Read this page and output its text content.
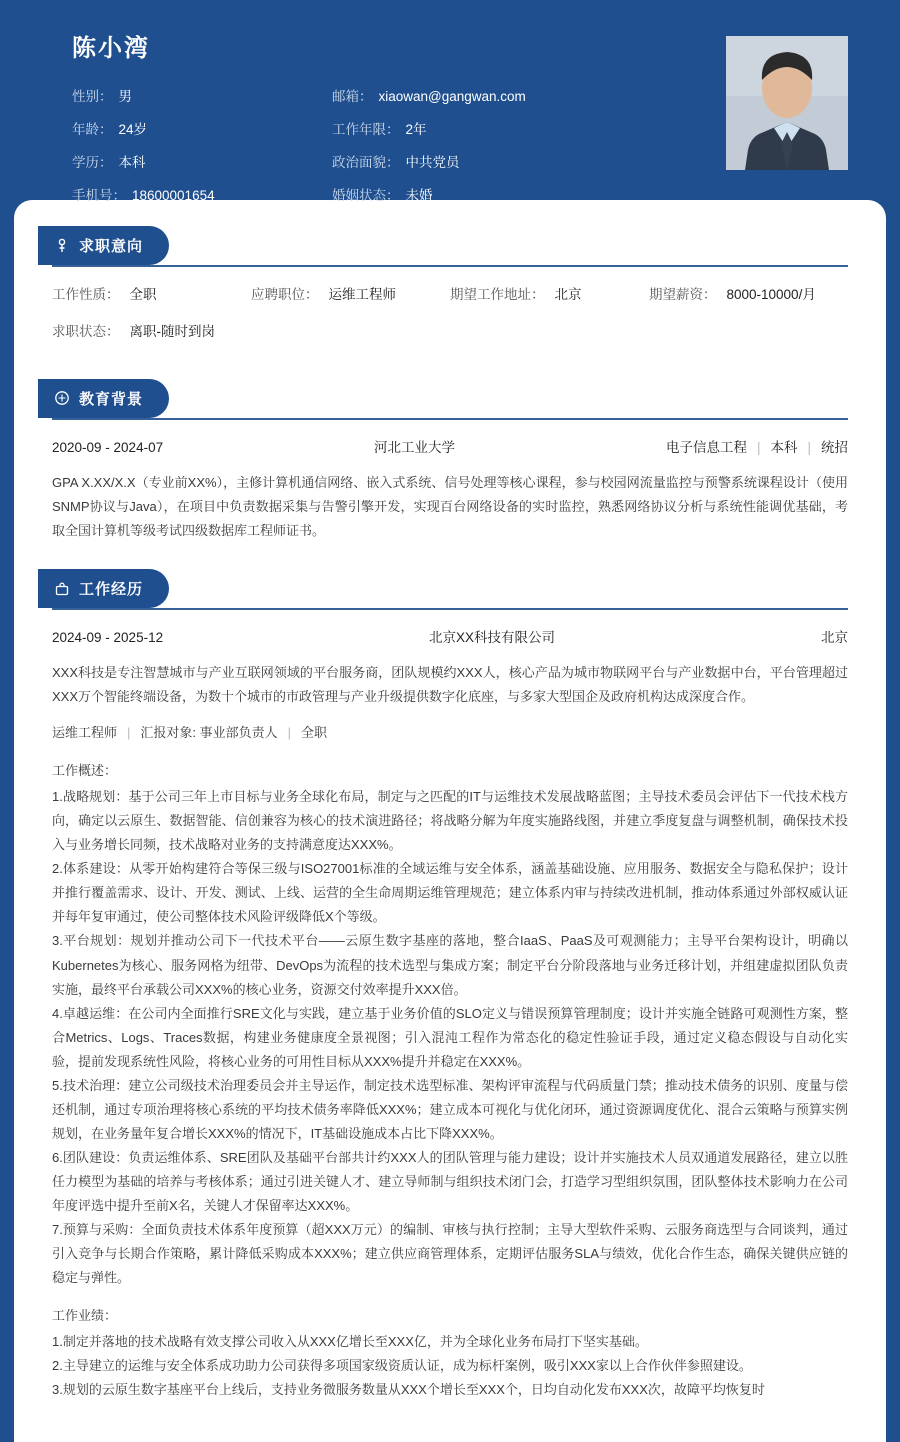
陈小湾
性别： 男	邮箱： xiaowan@gangwan.com
年龄： 24岁	工作年限： 2年
学历： 本科	政治面貌： 中共党员
手机号： 18600001654	婚姻状态： 未婚
求职意向
工作性质： 全职	应聘职位： 运维工程师	期望工作地址： 北京	期望薪资： 8000-10000/月
求职状态： 离职-随时到岗
教育背景
2020-09 - 2024-07	河北工业大学	电子信息工程 | 本科 | 统招
GPA X.XX/X.X（专业前XX%），主修计算机通信网络、嵌入式系统、信号处理等核心课程，参与校园网流量监控与预警系统课程设计（使用SNMP协议与Java），在项目中负责数据采集与告警引擎开发，实现百台网络设备的实时监控，熟悉网络协议分析与系统性能调优基础，考取全国计算机等级考试四级数据库工程师证书。
工作经历
2024-09 - 2025-12	北京XX科技有限公司	北京
XXX科技是专注智慧城市与产业互联网领域的平台服务商，团队规模约XXX人，核心产品为城市物联网平台与产业数据中台，平台管理超过XXX万个智能终端设备，为数十个城市的市政管理与产业升级提供数字化底座，与多家大型国企及政府机构达成深度合作。
运维工程师 | 汇报对象: 事业部负责人 | 全职
工作概述：
1.战略规划：基于公司三年上市目标与业务全球化布局，制定与之匹配的IT与运维技术发展战略蓝图；主导技术委员会评估下一代技术栈方向，确定以云原生、数据智能、信创兼容为核心的技术演进路径；将战略分解为年度实施路线图，并建立季度复盘与调整机制，确保技术投入与业务增长同频，技术战略对业务的支持满意度达XXX%。
2.体系建设：从零开始构建符合等保三级与ISO27001标准的全域运维与安全体系，涵盖基础设施、应用服务、数据安全与隐私保护；设计并推行覆盖需求、设计、开发、测试、上线、运营的全生命周期运维管理规范；建立体系内审与持续改进机制，推动体系通过外部权威认证并每年复审通过，使公司整体技术风险评级降低X个等级。
3.平台规划：规划并推动公司下一代技术平台——云原生数字基座的落地，整合IaaS、PaaS及可观测能力；主导平台架构设计，明确以Kubernetes为核心、服务网格为纽带、DevOps为流程的技术选型与集成方案；制定平台分阶段落地与业务迁移计划，并组建虚拟团队负责实施，最终平台承载公司XXX%的核心业务，资源交付效率提升XXX倍。
4.卓越运维：在公司内全面推行SRE文化与实践，建立基于业务价值的SLO定义与错误预算管理制度；设计并实施全链路可观测性方案，整合Metrics、Logs、Traces数据，构建业务健康度全景视图；引入混沌工程作为常态化的稳定性验证手段，通过定义稳态假设与自动化实验，提前发现系统性风险，将核心业务的可用性目标从XXX%提升并稳定在XXX%。
5.技术治理：建立公司级技术治理委员会并主导运作，制定技术选型标准、架构评审流程与代码质量门禁；推动技术债务的识别、度量与偿还机制，通过专项治理将核心系统的平均技术债务率降低XXX%；建立成本可视化与优化闭环，通过资源调度优化、混合云策略与预算实例规划，在业务量年复合增长XXX%的情况下，IT基础设施成本占比下降XXX%。
6.团队建设：负责运维体系、SRE团队及基础平台部共计约XXX人的团队管理与能力建设；设计并实施技术人员双通道发展路径，建立以胜任力模型为基础的培养与考核体系；通过引进关键人才、建立导师制与组织技术闭门会，打造学习型组织氛围，团队整体技术影响力在公司年度评选中提升至前X名，关键人才保留率达XXX%。
7.预算与采购：全面负责技术体系年度预算（超XXX万元）的编制、审核与执行控制；主导大型软件采购、云服务商选型与合同谈判，通过引入竞争与长期合作策略，累计降低采购成本XXX%；建立供应商管理体系，定期评估服务SLA与绩效，优化合作生态，确保关键供应链的稳定与弹性。
工作业绩：
1.制定并落地的技术战略有效支撑公司收入从XXX亿增长至XXX亿，并为全球化业务布局打下坚实基础。
2.主导建立的运维与安全体系成功助力公司获得多项国家级资质认证，成为标杆案例，吸引XXX家以上合作伙伴参照建设。
3.规划的云原生数字基座平台上线后，支持业务微服务数量从XXX个增长至XXX个，日均自动化发布XXX次，故障平均恢复时
